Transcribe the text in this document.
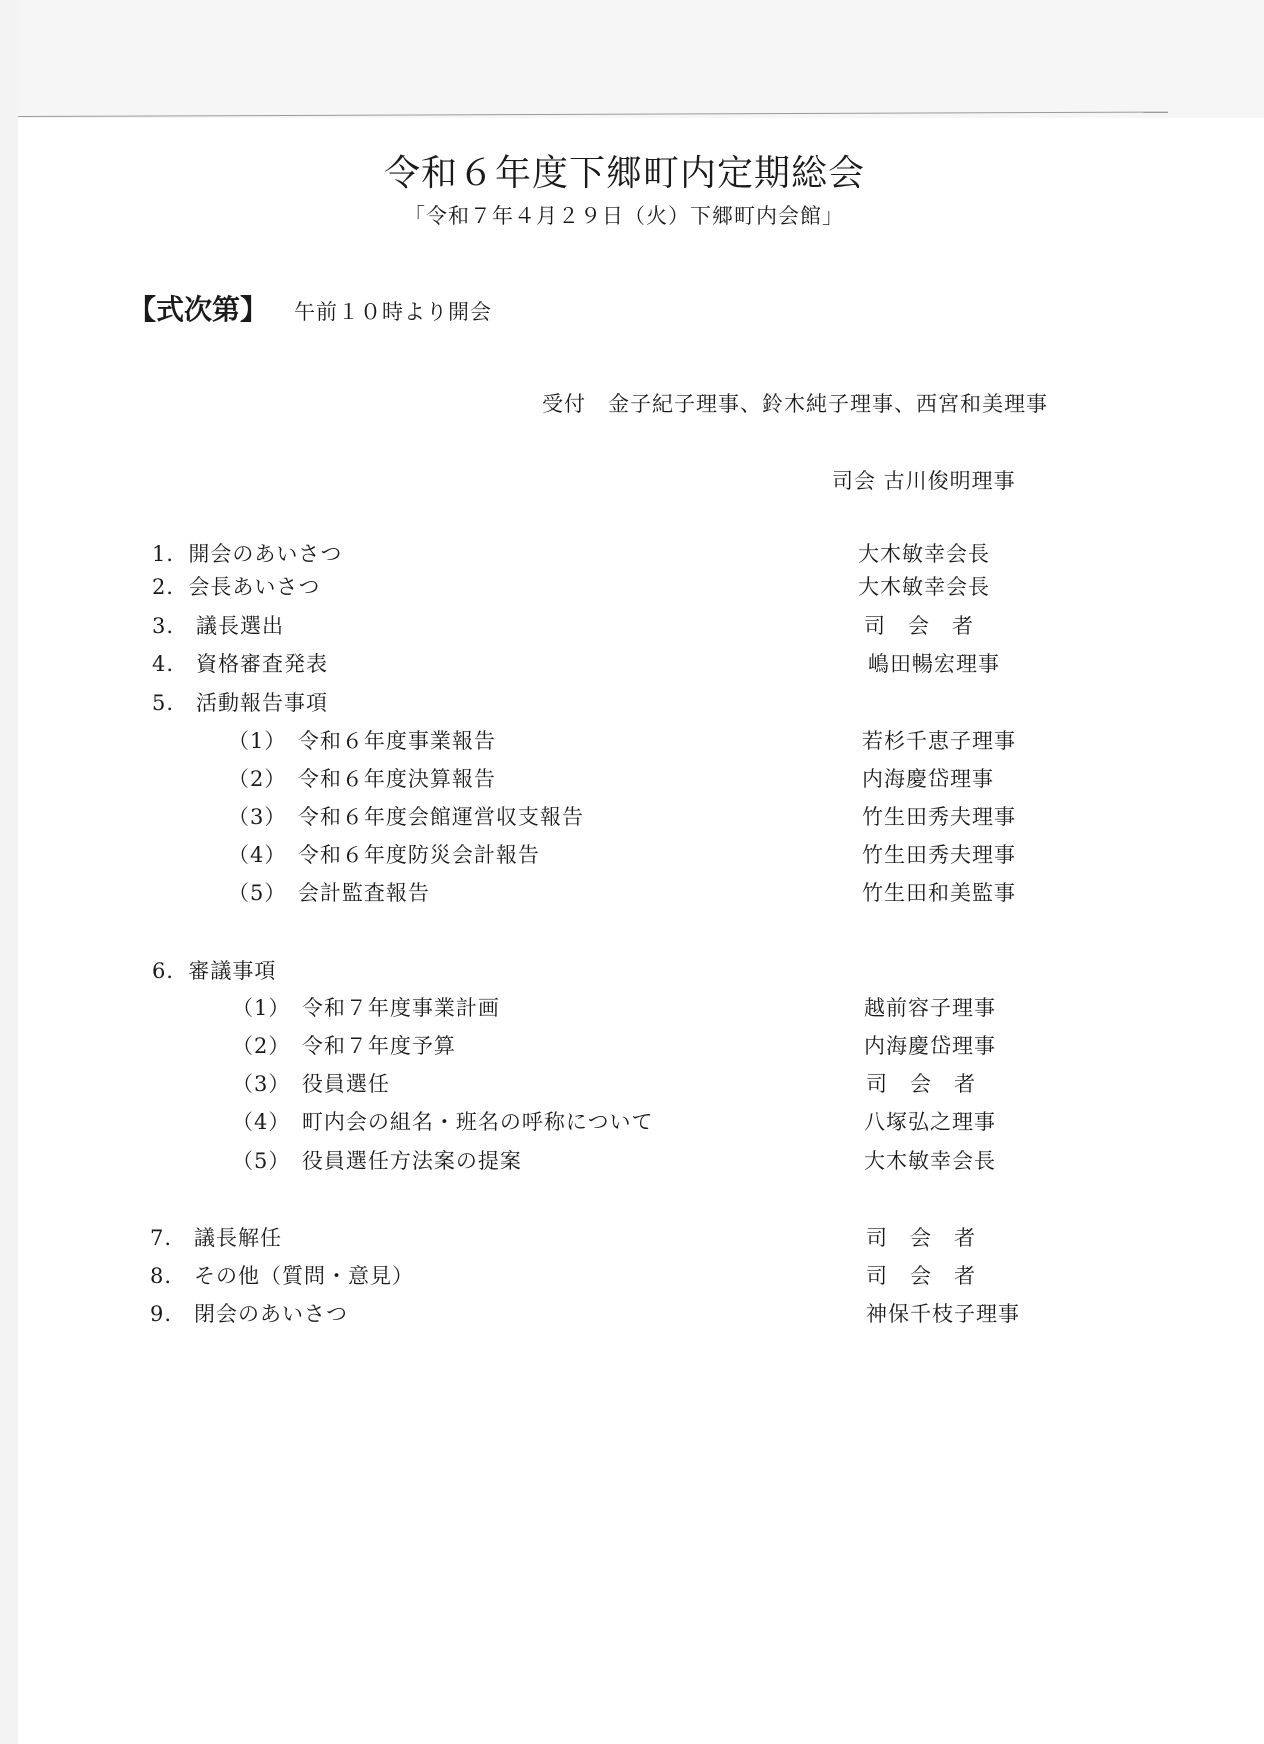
令和６年度下郷町内定期総会
「令和７年４月２９日（火）下郷町内会館」
【式次第】 午前１０時より開会
受付　金子紀子理事、鈴木純子理事、西宮和美理事
司会 古川俊明理事
1．開会のあいさつ	大木敏幸会長
2．会長あいさつ	大木敏幸会長
3.　議長選出	司　会　者
4.　資格審査発表	嶋田暢宏理事
5.　活動報告事項
（1）　令和６年度事業報告	若杉千恵子理事
（2）　令和６年度決算報告	内海慶岱理事
（3）　令和６年度会館運営収支報告	竹生田秀夫理事
（4）　令和６年度防災会計報告	竹生田秀夫理事
（5）　会計監査報告	竹生田和美監事
6．審議事項
（1）　令和７年度事業計画	越前容子理事
（2）　令和７年度予算	内海慶岱理事
（3）　役員選任	司　会　者
（4）　町内会の組名・班名の呼称について	八塚弘之理事
（5）　役員選任方法案の提案	大木敏幸会長
7.　議長解任	司　会　者
8.　その他（質問・意見）	司　会　者
9.　閉会のあいさつ	神保千枝子理事
